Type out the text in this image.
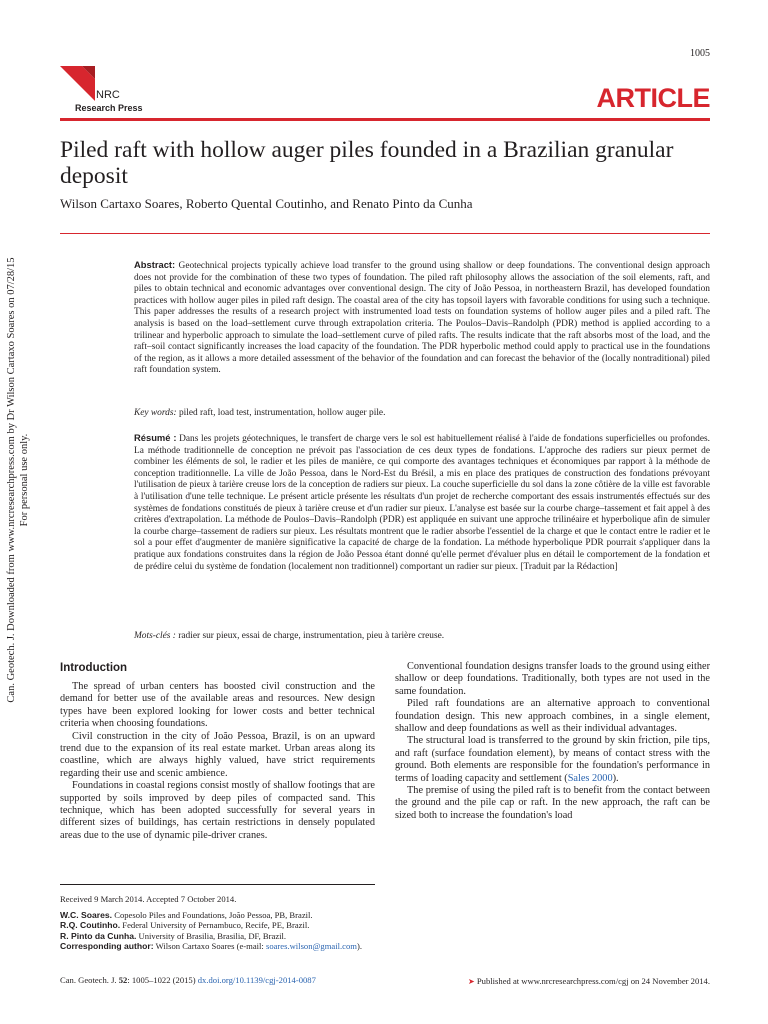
1005
NRC
Research Press	ARTICLE
Piled raft with hollow auger piles founded in a Brazilian granular deposit
Wilson Cartaxo Soares, Roberto Quental Coutinho, and Renato Pinto da Cunha
Can. Geotech. J. Downloaded from www.nrcresearchpress.com by Dr Wilson Cartaxo Soares on 07/28/15 For personal use only.

Abstract: Geotechnical projects typically achieve load transfer to the ground using shallow or deep foundations. The conventional design approach does not provide for the combination of these two types of foundation. The piled raft philosophy allows the association of the soil elements, raft, and piles to obtain technical and economic advantages over conventional design. The city of João Pessoa, in northeastern Brazil, has developed foundation practices with hollow auger piles in piled raft design. The coastal area of the city has topsoil layers with favorable conditions for using such a technique. This paper addresses the results of a research project with instrumented load tests on foundation systems of hollow auger piles and a piled raft. The analysis is based on the load–settlement curve through extrapolation criteria. The Poulos–Davis–Randolph (PDR) method is applied according to a trilinear and hyperbolic approach to simulate the load–settlement curve of piled rafts. The results indicate that the raft absorbs most of the load, and the raft–soil contact significantly increases the load capacity of the foundation. The PDR hyperbolic method could apply to practical use in the foundations of the region, as it allows a more detailed assessment of the behavior of the foundation and can forecast the behavior of the (locally nontraditional) piled raft foundation system.

Key words: piled raft, load test, instrumentation, hollow auger pile.

Résumé : Dans les projets géotechniques, le transfert de charge vers le sol est habituellement réalisé à l'aide de fondations superficielles ou profondes. La méthode traditionnelle de conception ne prévoit pas l'association de ces deux types de fondations. L'approche des radiers sur pieux permet de combiner les éléments de sol, le radier et les piles de manière, ce qui comporte des avantages techniques et économiques par rapport à la méthode de conception traditionnelle. La ville de João Pessoa, dans le Nord-Est du Brésil, a mis en place des pratiques de construction des fondations prévoyant l'utilisation de pieux à tarière creuse lors de la conception de radiers sur pieux. La couche superficielle du sol dans la zone côtière de la ville est favorable à l'utilisation d'une telle technique. Le présent article présente les résultats d'un projet de recherche comportant des essais instrumentés effectués sur des systèmes de fondations constitués de pieux à tarière creuse et d'un radier sur pieux. L'analyse est basée sur la courbe charge–tassement et fait appel à des critères d'extrapolation. La méthode de Poulos–Davis–Randolph (PDR) est appliquée en suivant une approche trilinéaire et hyperbolique afin de simuler la courbe charge–tassement de radiers sur pieux. Les résultats montrent que le radier absorbe l'essentiel de la charge et que le contact entre le radier et le sol a pour effet d'augmenter de manière significative la capacité de charge de la fondation. La méthode hyperbolique PDR pourrait s'appliquer dans la pratique aux fondations construites dans la région de João Pessoa étant donné qu'elle permet d'évaluer plus en détail le comportement de la fondation et de prédire celui du système de fondation (localement non traditionnel) comportant un radier sur pieux. [Traduit par la Rédaction]

Mots-clés : radier sur pieux, essai de charge, instrumentation, pieu à tarière creuse.

Introduction

The spread of urban centers has boosted civil construction and the demand for better use of the available areas and resources. New design types have been explored looking for lower costs and better technical criteria when choosing foundations.

Civil construction in the city of João Pessoa, Brazil, is on an upward trend due to the expansion of its real estate market. Urban areas along its coastline, which are always highly valued, have strict requirements regarding their use and scenic ambience.

Foundations in coastal regions consist mostly of shallow footings that are supported by soils improved by deep piles of compacted sand. This technique, which has been adopted successfully for several years in different sizes of buildings, has certain restrictions in densely populated areas due to the use of dynamic pile-driver cranes.

Conventional foundation designs transfer loads to the ground using either shallow or deep foundations. Traditionally, both types are not used in the same foundation.

Piled raft foundations are an alternative approach to conventional foundation design. This new approach combines, in a single element, shallow and deep foundations as well as their individual advantages.

The structural load is transferred to the ground by skin friction, pile tips, and raft (surface foundation element), by means of contact stress with the ground. Both elements are responsible for the foundation's performance in terms of loading capacity and settlement (Sales 2000).

The premise of using the piled raft is to benefit from the contact between the ground and the pile cap or raft. In the new approach, the raft can be sized both to increase the foundation's load

Received 9 March 2014. Accepted 7 October 2014.
W.C. Soares. Copesolo Piles and Foundations, João Pessoa, PB, Brazil.
R.Q. Coutinho. Federal University of Pernambuco, Recife, PE, Brazil.
R. Pinto da Cunha. University of Brasilia, Brasilia, DF, Brazil.
Corresponding author: Wilson Cartaxo Soares (e-mail: soares.wilson@gmail.com).
Can. Geotech. J. 52: 1005–1022 (2015) dx.doi.org/10.1139/cgj-2014-0087	➤ Published at www.nrcresearchpress.com/cgj on 24 November 2014.
